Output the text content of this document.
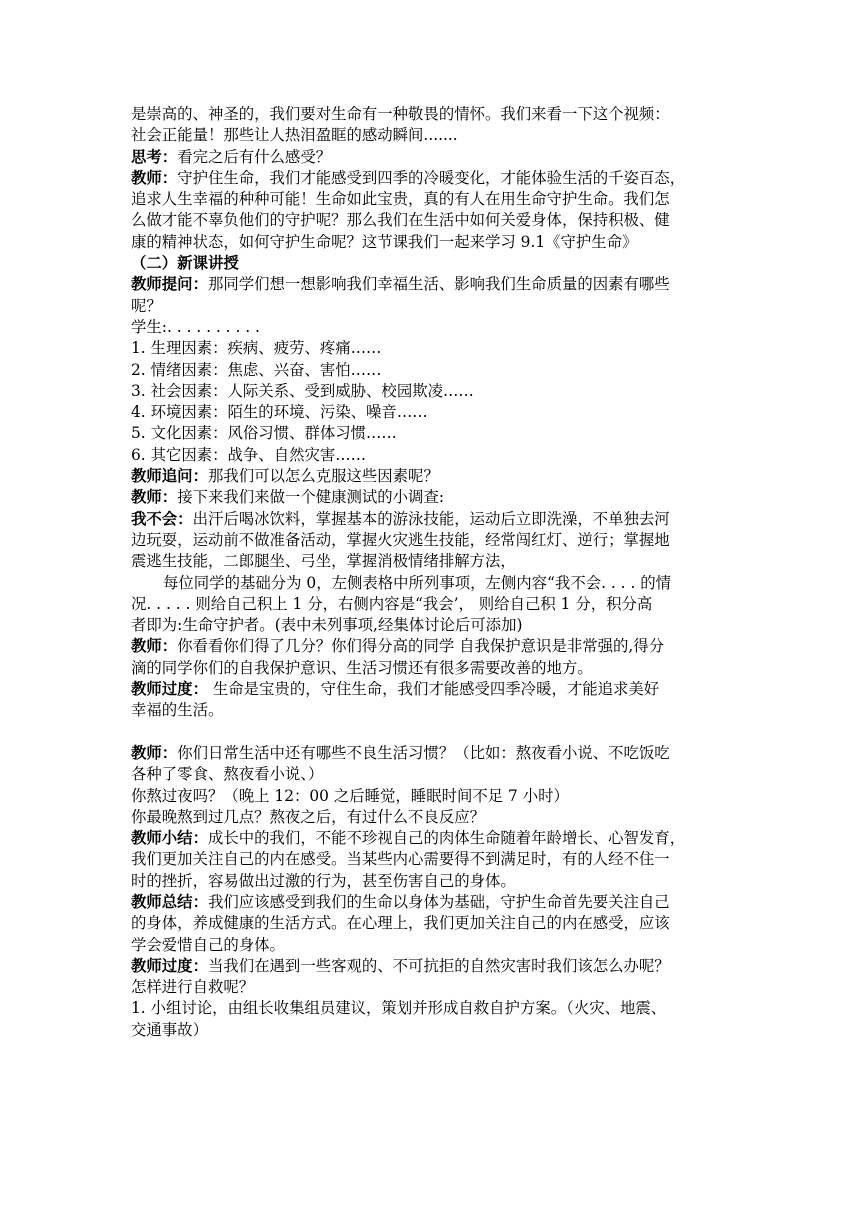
是崇高的、神圣的，我们要对生命有一种敬畏的情怀。我们来看一下这个视频：
社会正能量！那些让人热泪盈眶的感动瞬间.......
思考：看完之后有什么感受？
教师：守护住生命，我们才能感受到四季的冷暖变化，才能体验生活的千姿百态，
追求人生幸福的种种可能！生命如此宝贵，真的有人在用生命守护生命。我们怎
么做才能不辜负他们的守护呢？那么我们在生活中如何关爱身体，保持积极、健
康的精神状态，如何守护生命呢？这节课我们一起来学习 9.1《守护生命》
（二）新课讲授
教师提问：那同学们想一想影响我们幸福生活、影响我们生命质量的因素有哪些
呢？
学生:. . . . . . . . . .
1. 生理因素：疾病、疲劳、疼痛……
2. 情绪因素：焦虑、兴奋、害怕……
3. 社会因素：人际关系、受到威胁、校园欺凌……
4. 环境因素：陌生的环境、污染、噪音……
5. 文化因素：风俗习惯、群体习惯……
6. 其它因素：战争、自然灾害……
教师追问：那我们可以怎么克服这些因素呢？
教师：接下来我们来做一个健康测试的小调查:
我不会：出汗后喝冰饮料，掌握基本的游泳技能，运动后立即洗澡，不单独去河
边玩耍，运动前不做准备活动，掌握火灾逃生技能，经常闯红灯、逆行；掌握地
震逃生技能，二郎腿坐、弓坐，掌握消极情绪排解方法，
每位同学的基础分为 0，左侧表格中所列事项，左侧内容“我不会. . . . 的情
况. . . . . 则给自己积上 1 分，右侧内容是“我会’， 则给自己积 1 分，积分高
者即为:生命守护者。(表中未列事项,经集体讨论后可添加)
教师：你看看你们得了几分？你们得分高的同学 自我保护意识是非常强的,得分
滴的同学你们的自我保护意识、生活习惯还有很多需要改善的地方。
教师过度： 生命是宝贵的，守住生命，我们才能感受四季冷暖，才能追求美好
幸福的生活。
教师：你们日常生活中还有哪些不良生活习惯？（比如：熬夜看小说、不吃饭吃
各种了零食、熬夜看小说、）
你熬过夜吗？（晚上 12：00 之后睡觉，睡眠时间不足 7 小时）
你最晚熬到过几点？熬夜之后，有过什么不良反应？
教师小结：成长中的我们，不能不珍视自己的肉体生命随着年龄增长、心智发育，
我们更加关注自己的内在感受。当某些内心需要得不到满足时，有的人经不住一
时的挫折，容易做出过激的行为，甚至伤害自己的身体。
教师总结：我们应该感受到我们的生命以身体为基础，守护生命首先要关注自己
的身体，养成健康的生活方式。在心理上，我们更加关注自己的内在感受，应该
学会爱惜自己的身体。
教师过度：当我们在遇到一些客观的、不可抗拒的自然灾害时我们该怎么办呢？
怎样进行自救呢？
1. 小组讨论，由组长收集组员建议，策划并形成自救自护方案。（火灾、地震、
交通事故）
